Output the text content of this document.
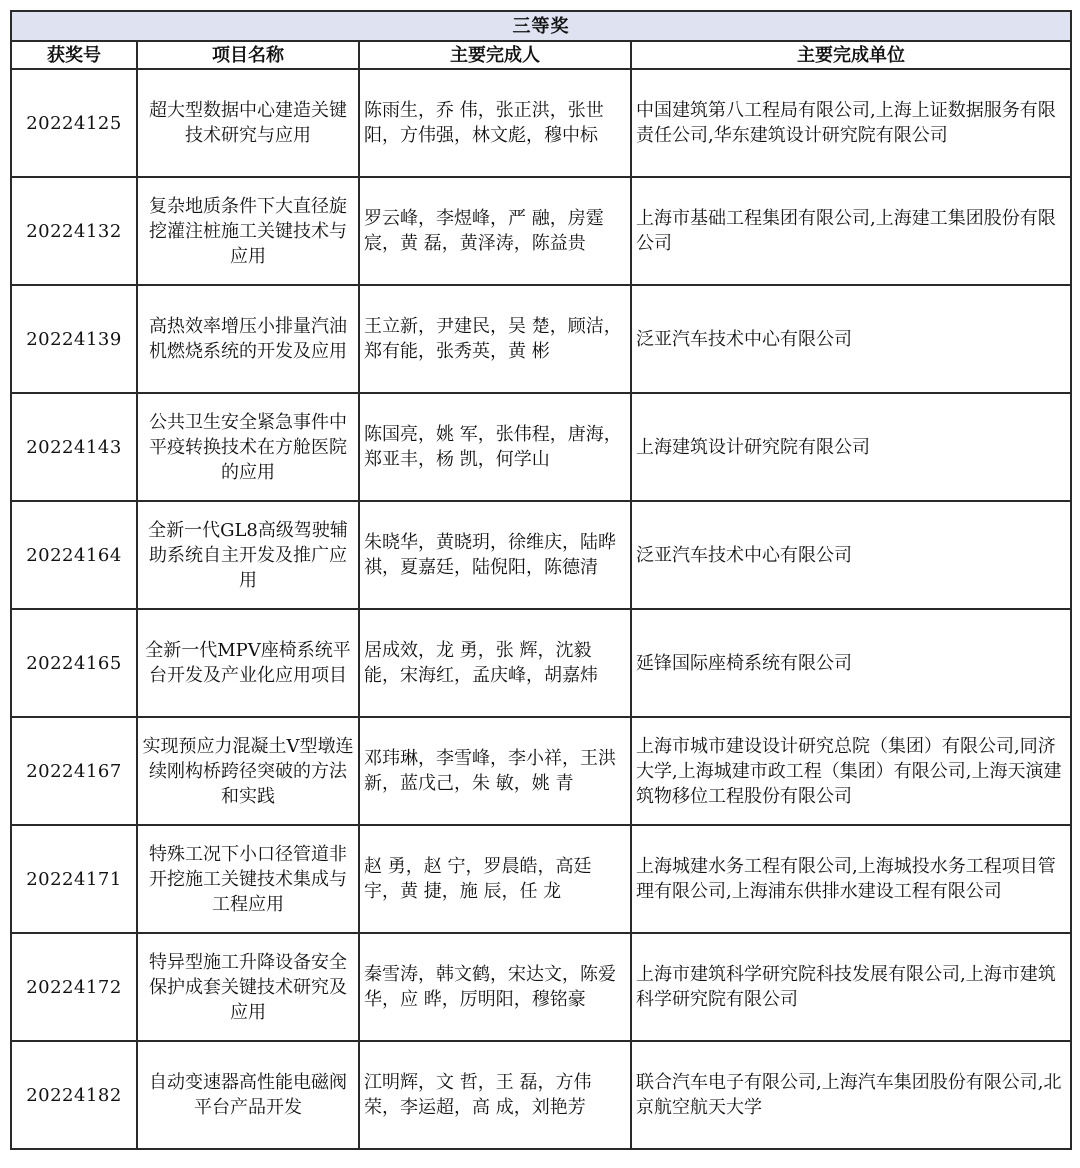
三等奖			
获奖号	项目名称	主要完成人	主要完成单位
20224125	超大型数据中心建造关键技术研究与应用	陈雨生，乔 伟，张正洪，张世阳，方伟强，林文彪，穆中标	中国建筑第八工程局有限公司,上海上证数据服务有限责任公司,华东建筑设计研究院有限公司
20224132	复杂地质条件下大直径旋挖灌注桩施工关键技术与应用	罗云峰，李煜峰，严 融，房霆宸，黄 磊，黄泽涛，陈益贵	上海市基础工程集团有限公司,上海建工集团股份有限公司
20224139	高热效率增压小排量汽油机燃烧系统的开发及应用	王立新，尹建民，吴 楚，顾洁，郑有能，张秀英，黄 彬	泛亚汽车技术中心有限公司
20224143	公共卫生安全紧急事件中平疫转换技术在方舱医院的应用	陈国亮，姚 军，张伟程，唐海，郑亚丰，杨 凯，何学山	上海建筑设计研究院有限公司
20224164	全新一代GL8高级驾驶辅助系统自主开发及推广应用	朱晓华，黄晓玥，徐维庆，陆晔祺，夏嘉廷，陆倪阳，陈德清	泛亚汽车技术中心有限公司
20224165	全新一代MPV座椅系统平台开发及产业化应用项目	居成效，龙 勇，张 辉，沈毅能，宋海红，孟庆峰，胡嘉炜	延锋国际座椅系统有限公司
20224167	实现预应力混凝土V型墩连续刚构桥跨径突破的方法和实践	邓玮琳，李雪峰，李小祥，王洪新，蓝戊己，朱 敏，姚 青	上海市城市建设设计研究总院（集团）有限公司,同济大学,上海城建市政工程（集团）有限公司,上海天演建筑物移位工程股份有限公司
20224171	特殊工况下小口径管道非开挖施工关键技术集成与工程应用	赵 勇，赵 宁，罗晨皓，高廷宇，黄 捷，施 辰，任 龙	上海城建水务工程有限公司,上海城投水务工程项目管理有限公司,上海浦东供排水建设工程有限公司
20224172	特异型施工升降设备安全保护成套关键技术研究及应用	秦雪涛，韩文鹤，宋达文，陈爱华，应 晔，厉明阳，穆铭豪	上海市建筑科学研究院科技发展有限公司,上海市建筑科学研究院有限公司
20224182	自动变速器高性能电磁阀平台产品开发	江明辉，文 哲，王 磊，方伟荣，李运超，高 成，刘艳芳	联合汽车电子有限公司,上海汽车集团股份有限公司,北京航空航天大学
